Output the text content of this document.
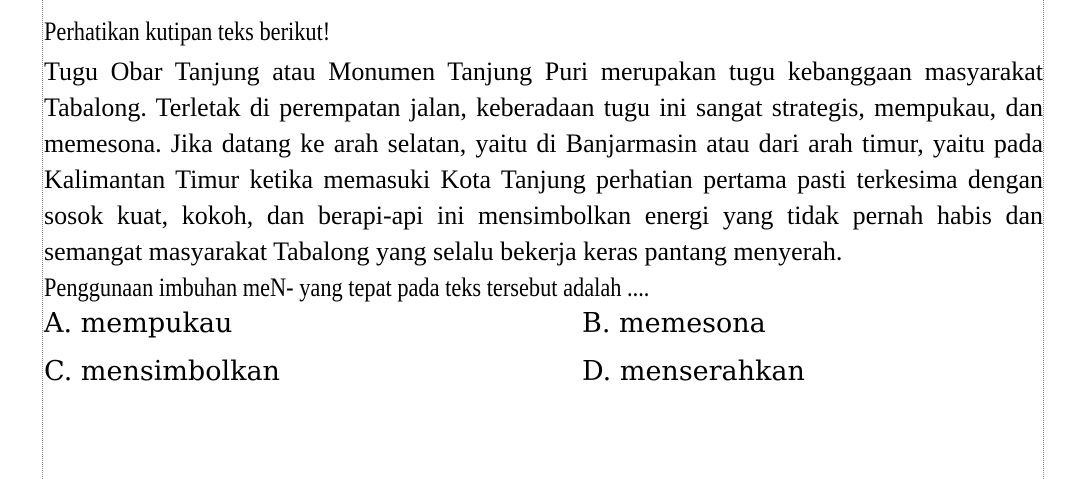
Perhatikan kutipan teks berikut!

Tugu Obar Tanjung atau Monumen Tanjung Puri merupakan tugu kebanggaan masyarakat Tabalong. Terletak di perempatan jalan, keberadaan tugu ini sangat strategis, mempukau, dan memesona. Jika datang ke arah selatan, yaitu di Banjarmasin atau dari arah timur, yaitu pada Kalimantan Timur ketika memasuki Kota Tanjung perhatian pertama pasti terkesima dengan sosok kuat, kokoh, dan berapi-api ini mensimbolkan energi yang tidak pernah habis dan semangat masyarakat Tabalong yang selalu bekerja keras pantang menyerah.

Penggunaan imbuhan meN- yang tepat pada teks tersebut adalah ....
A. mempukau	B. memesona
C. mensimbolkan	D. menserahkan
